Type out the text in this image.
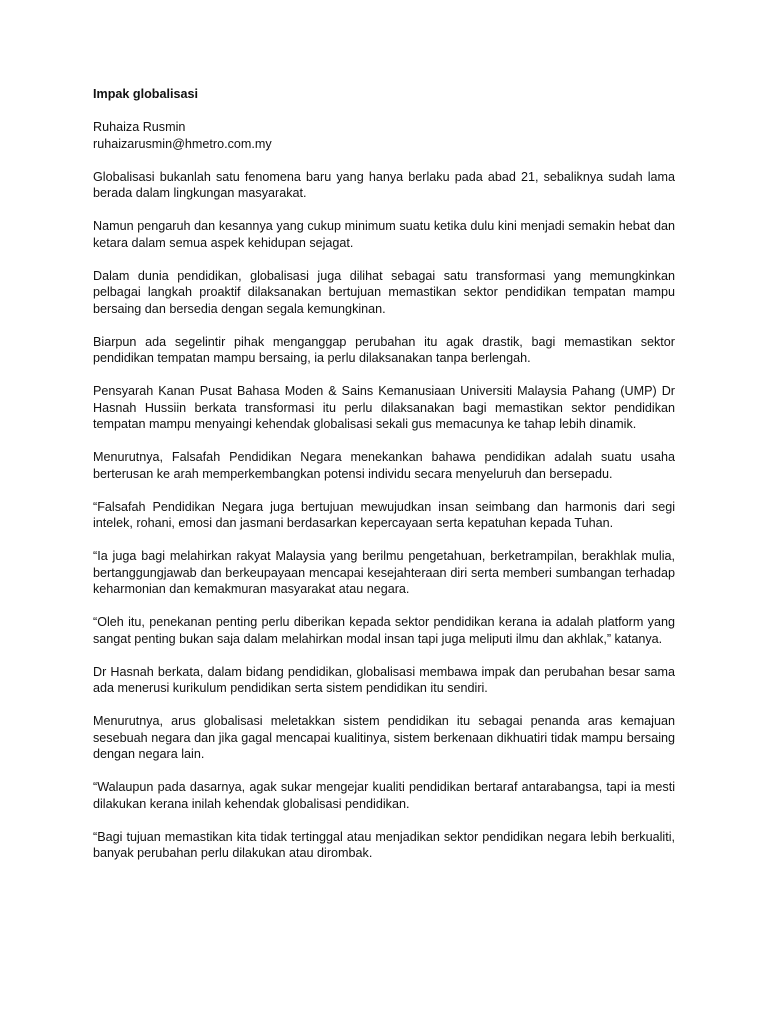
Impak globalisasi
Ruhaiza Rusmin
ruhaizarusmin@hmetro.com.my
Globalisasi bukanlah satu fenomena baru yang hanya berlaku pada abad 21, sebaliknya sudah lama berada dalam lingkungan masyarakat.
Namun pengaruh dan kesannya yang cukup minimum suatu ketika dulu kini menjadi semakin hebat dan ketara dalam semua aspek kehidupan sejagat.
Dalam dunia pendidikan, globalisasi juga dilihat sebagai satu transformasi yang memungkinkan pelbagai langkah proaktif dilaksanakan bertujuan memastikan sektor pendidikan tempatan mampu bersaing dan bersedia dengan segala kemungkinan.
Biarpun ada segelintir pihak menganggap perubahan itu agak drastik, bagi memastikan sektor pendidikan tempatan mampu bersaing, ia perlu dilaksanakan tanpa berlengah.
Pensyarah Kanan Pusat Bahasa Moden & Sains Kemanusiaan Universiti Malaysia Pahang (UMP) Dr Hasnah Hussiin berkata transformasi itu perlu dilaksanakan bagi memastikan sektor pendidikan tempatan mampu menyaingi kehendak globalisasi sekali gus memacunya ke tahap lebih dinamik.
Menurutnya, Falsafah Pendidikan Negara menekankan bahawa pendidikan adalah suatu usaha berterusan ke arah memperkembangkan potensi individu secara menyeluruh dan bersepadu.
“Falsafah Pendidikan Negara juga bertujuan mewujudkan insan seimbang dan harmonis dari segi intelek, rohani, emosi dan jasmani berdasarkan kepercayaan serta kepatuhan kepada Tuhan.
“Ia juga bagi melahirkan rakyat Malaysia yang berilmu pengetahuan, berketrampilan, berakhlak mulia, bertanggungjawab dan berkeupayaan mencapai kesejahteraan diri serta memberi sumbangan terhadap keharmonian dan kemakmuran masyarakat atau negara.
“Oleh itu, penekanan penting perlu diberikan kepada sektor pendidikan kerana ia adalah platform yang sangat penting bukan saja dalam melahirkan modal insan tapi juga meliputi ilmu dan akhlak,” katanya.
Dr Hasnah berkata, dalam bidang pendidikan, globalisasi membawa impak dan perubahan besar sama ada menerusi kurikulum pendidikan serta sistem pendidikan itu sendiri.
Menurutnya, arus globalisasi meletakkan sistem pendidikan itu sebagai penanda aras kemajuan sesebuah negara dan jika gagal mencapai kualitinya, sistem berkenaan dikhuatiri tidak mampu bersaing dengan negara lain.
“Walaupun pada dasarnya, agak sukar mengejar kualiti pendidikan bertaraf antarabangsa, tapi ia mesti dilakukan kerana inilah kehendak globalisasi pendidikan.
“Bagi tujuan memastikan kita tidak tertinggal atau menjadikan sektor pendidikan negara lebih berkualiti, banyak perubahan perlu dilakukan atau dirombak.
